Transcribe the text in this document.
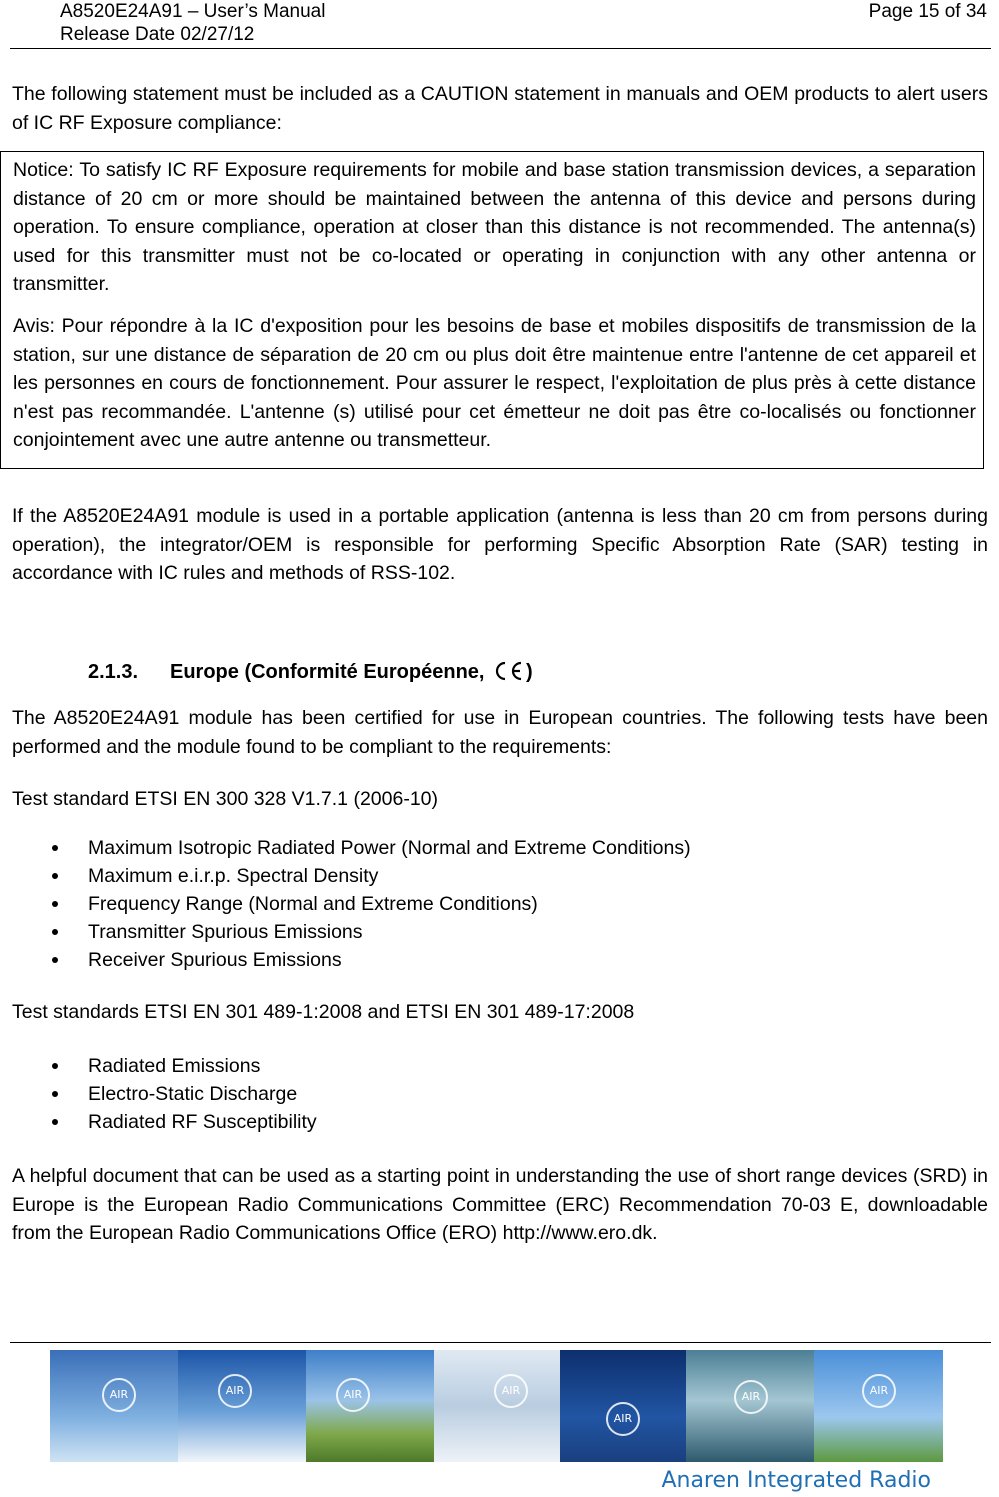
A8520E24A91 – User’s Manual
Release Date 02/27/12
Page 15 of 34

The following statement must be included as a CAUTION statement in manuals and OEM products to alert users of IC RF Exposure compliance:

Notice: To satisfy IC RF Exposure requirements for mobile and base station transmission devices, a separation distance of 20 cm or more should be maintained between the antenna of this device and persons during operation. To ensure compliance, operation at closer than this distance is not recommended. The antenna(s) used for this transmitter must not be co-located or operating in conjunction with any other antenna or transmitter.

Avis: Pour répondre à la IC d'exposition pour les besoins de base et mobiles dispositifs de transmission de la station, sur une distance de séparation de 20 cm ou plus doit être maintenue entre l'antenne de cet appareil et les personnes en cours de fonctionnement. Pour assurer le respect, l'exploitation de plus près à cette distance n'est pas recommandée. L'antenne (s) utilisé pour cet émetteur ne doit pas être co-localisés ou fonctionner conjointement avec une autre antenne ou transmetteur.

If the A8520E24A91 module is used in a portable application (antenna is less than 20 cm from persons during operation), the integrator/OEM is responsible for performing Specific Absorption Rate (SAR) testing in accordance with IC rules and methods of RSS-102.

2.1.3. Europe (Conformité Européenne, )

The A8520E24A91 module has been certified for use in European countries. The following tests have been performed and the module found to be compliant to the requirements:

Test standard ETSI EN 300 328 V1.7.1 (2006-10)

Maximum Isotropic Radiated Power (Normal and Extreme Conditions)
Maximum e.i.r.p. Spectral Density
Frequency Range (Normal and Extreme Conditions)
Transmitter Spurious Emissions
Receiver Spurious Emissions

Test standards ETSI EN 301 489-1:2008 and ETSI EN 301 489-17:2008

Radiated Emissions
Electro-Static Discharge
Radiated RF Susceptibility

A helpful document that can be used as a starting point in understanding the use of short range devices (SRD) in Europe is the European Radio Communications Committee (ERC) Recommendation 70-03 E, downloadable from the European Radio Communications Office (ERO) http://www.ero.dk.

AIR	AIR	AIR	AIR
AIR
AIR	AIR
Anaren Integrated Radio
